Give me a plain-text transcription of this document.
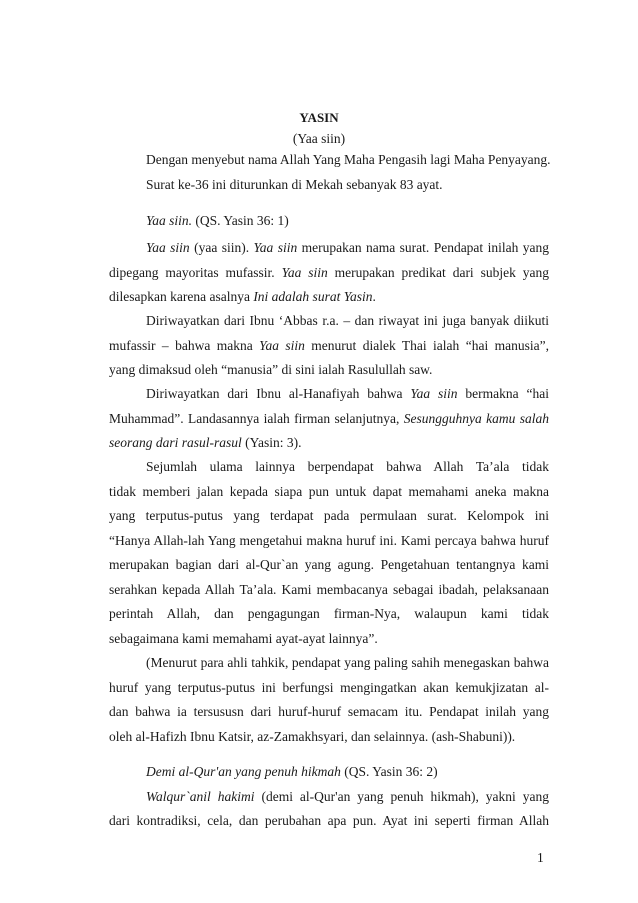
YASIN
(Yaa siin)
Dengan menyebut nama Allah Yang Maha Pengasih lagi Maha Penyayang.
Surat ke-36 ini diturunkan di Mekah sebanyak 83 ayat.
Yaa siin. (QS. Yasin 36: 1)
Yaa siin (yaa siin). Yaa siin merupakan nama surat. Pendapat inilah yang
dipegang mayoritas mufassir. Yaa siin merupakan predikat dari subjek yang
dilesapkan karena asalnya Ini adalah surat Yasin.
Diriwayatkan dari Ibnu ‘Abbas r.a. – dan riwayat ini juga banyak diikuti
mufassir – bahwa makna Yaa siin menurut dialek Thai ialah “hai manusia”,
yang dimaksud oleh “manusia” di sini ialah Rasulullah saw.
Diriwayatkan dari Ibnu al-Hanafiyah bahwa Yaa siin bermakna “hai
Muhammad”. Landasannya ialah firman selanjutnya, Sesungguhnya kamu salah
seorang dari rasul-rasul (Yasin: 3).
Sejumlah ulama lainnya berpendapat bahwa Allah Ta’ala tidak
tidak memberi jalan kepada siapa pun untuk dapat memahami aneka makna
yang terputus-putus yang terdapat pada permulaan surat. Kelompok ini
“Hanya Allah-lah Yang mengetahui makna huruf ini. Kami percaya bahwa huruf
merupakan bagian dari al-Qur`an yang agung. Pengetahuan tentangnya kami
serahkan kepada Allah Ta’ala. Kami membacanya sebagai ibadah, pelaksanaan
perintah Allah, dan pengagungan firman-Nya, walaupun kami tidak
sebagaimana kami memahami ayat-ayat lainnya”.
(Menurut para ahli tahkik, pendapat yang paling sahih menegaskan bahwa
huruf yang terputus-putus ini berfungsi mengingatkan akan kemukjizatan al-
dan bahwa ia tersususn dari huruf-huruf semacam itu. Pendapat inilah yang
oleh al-Hafizh Ibnu Katsir, az-Zamakhsyari, dan selainnya. (ash-Shabuni)).
Demi al-Qur'an yang penuh hikmah (QS. Yasin 36: 2)
Walqur`anil hakimi (demi al-Qur'an yang penuh hikmah), yakni yang
dari kontradiksi, cela, dan perubahan apa pun. Ayat ini seperti firman Allah
1
